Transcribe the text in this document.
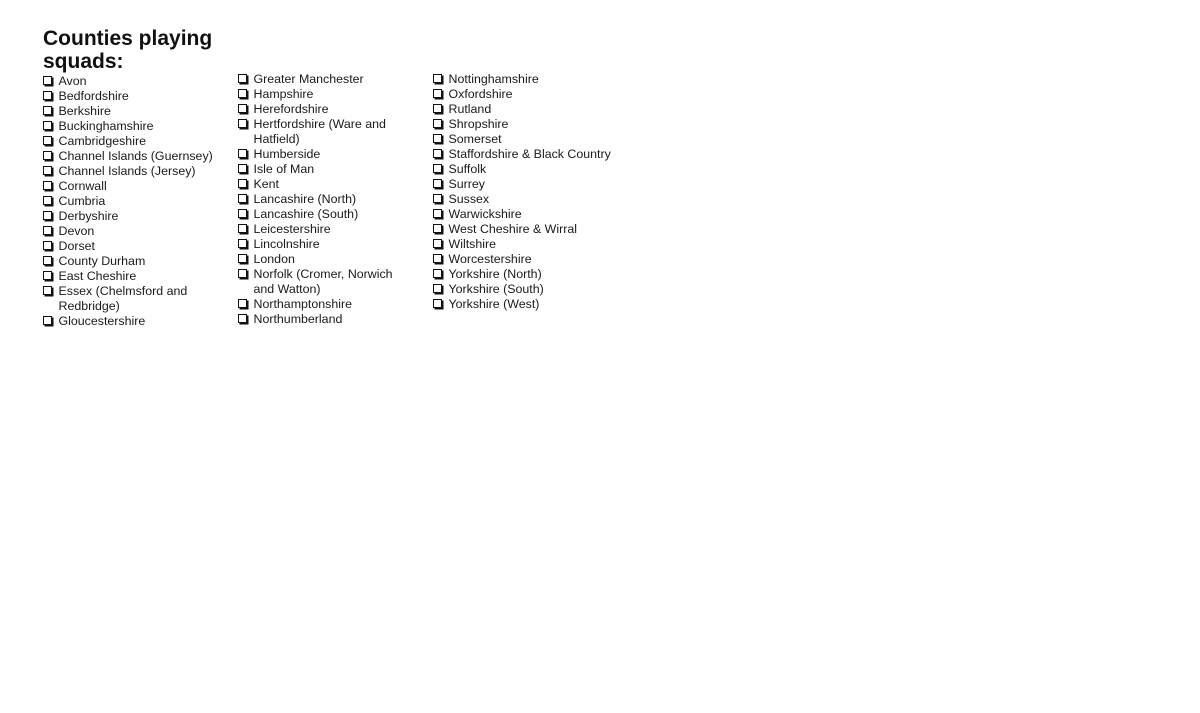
Counties playing squads:
Avon
Bedfordshire
Berkshire
Buckinghamshire
Cambridgeshire
Channel Islands (Guernsey)
Channel Islands (Jersey)
Cornwall
Cumbria
Derbyshire
Devon
Dorset
County Durham
East Cheshire
Essex (Chelmsford and Redbridge)
Gloucestershire
Greater Manchester
Hampshire
Herefordshire
Hertfordshire (Ware and Hatfield)
Humberside
Isle of Man
Kent
Lancashire (North)
Lancashire (South)
Leicestershire
Lincolnshire
London
Norfolk (Cromer, Norwich and Watton)
Northamptonshire
Northumberland
Nottinghamshire
Oxfordshire
Rutland
Shropshire
Somerset
Staffordshire & Black Country
Suffolk
Surrey
Sussex
Warwickshire
West Cheshire & Wirral
Wiltshire
Worcestershire
Yorkshire (North)
Yorkshire (South)
Yorkshire (West)
